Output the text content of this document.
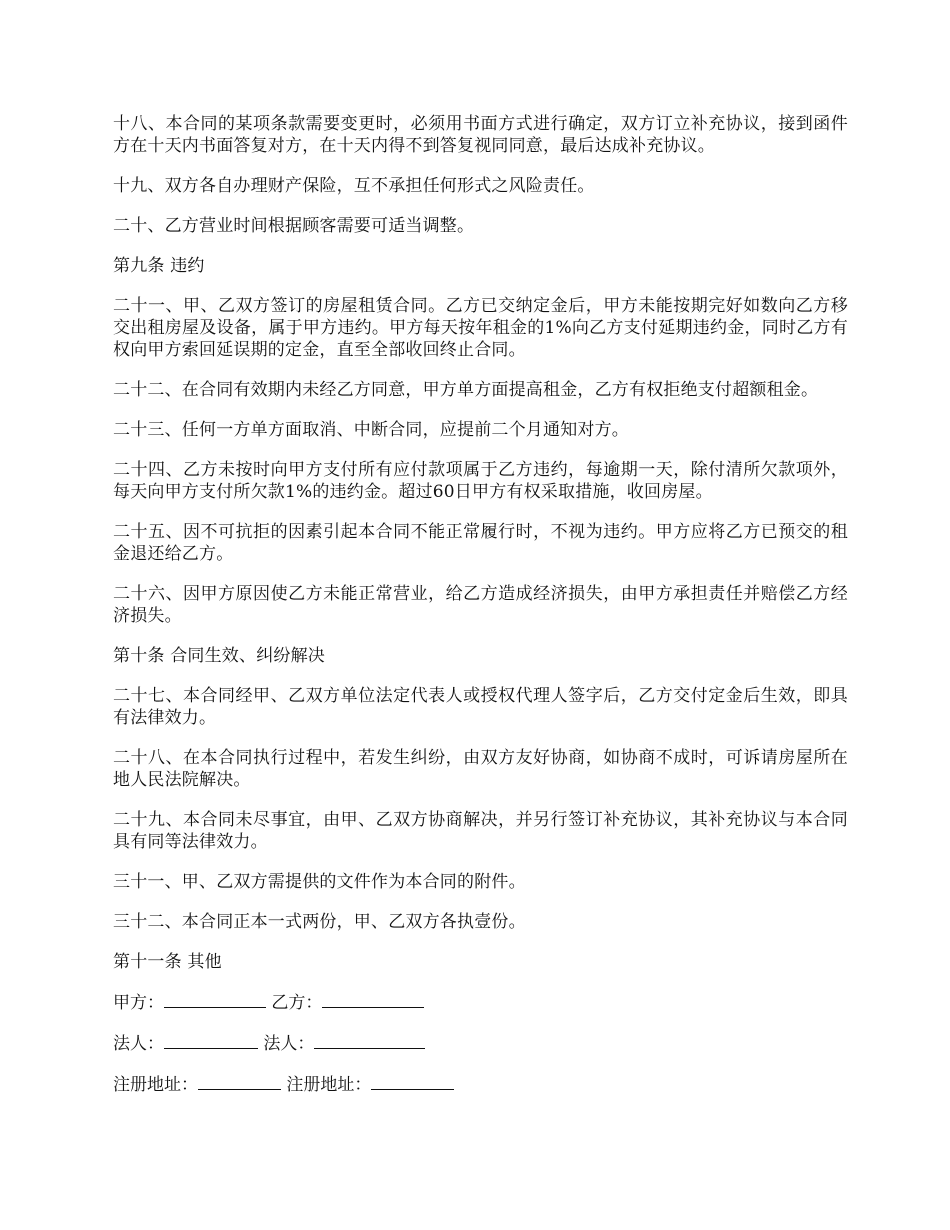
十八、本合同的某项条款需要变更时，必须用书面方式进行确定，双方订立补充协议，接到函件方在十天内书面答复对方，在十天内得不到答复视同同意，最后达成补充协议。

十九、双方各自办理财产保险，互不承担任何形式之风险责任。

二十、乙方营业时间根据顾客需要可适当调整。

第九条 违约

二十一、甲、乙双方签订的房屋租赁合同。乙方已交纳定金后，甲方未能按期完好如数向乙方移交出租房屋及设备，属于甲方违约。甲方每天按年租金的1%向乙方支付延期违约金，同时乙方有权向甲方索回延误期的定金，直至全部收回终止合同。

二十二、在合同有效期内未经乙方同意，甲方单方面提高租金，乙方有权拒绝支付超额租金。

二十三、任何一方单方面取消、中断合同，应提前二个月通知对方。

二十四、乙方未按时向甲方支付所有应付款项属于乙方违约，每逾期一天，除付清所欠款项外，每天向甲方支付所欠款1%的违约金。超过60日甲方有权采取措施，收回房屋。

二十五、因不可抗拒的因素引起本合同不能正常履行时，不视为违约。甲方应将乙方已预交的租金退还给乙方。

二十六、因甲方原因使乙方未能正常营业，给乙方造成经济损失，由甲方承担责任并赔偿乙方经济损失。

第十条 合同生效、纠纷解决

二十七、本合同经甲、乙双方单位法定代表人或授权代理人签字后，乙方交付定金后生效，即具有法律效力。

二十八、在本合同执行过程中，若发生纠纷，由双方友好协商，如协商不成时，可诉请房屋所在地人民法院解决。

二十九、本合同未尽事宜，由甲、乙双方协商解决，并另行签订补充协议，其补充协议与本合同具有同等法律效力。

三十一、甲、乙双方需提供的文件作为本合同的附件。

三十二、本合同正本一式两份，甲、乙双方各执壹份。

第十一条 其他

甲方：	乙方：
法人：	法人：
注册地址：	注册地址：
